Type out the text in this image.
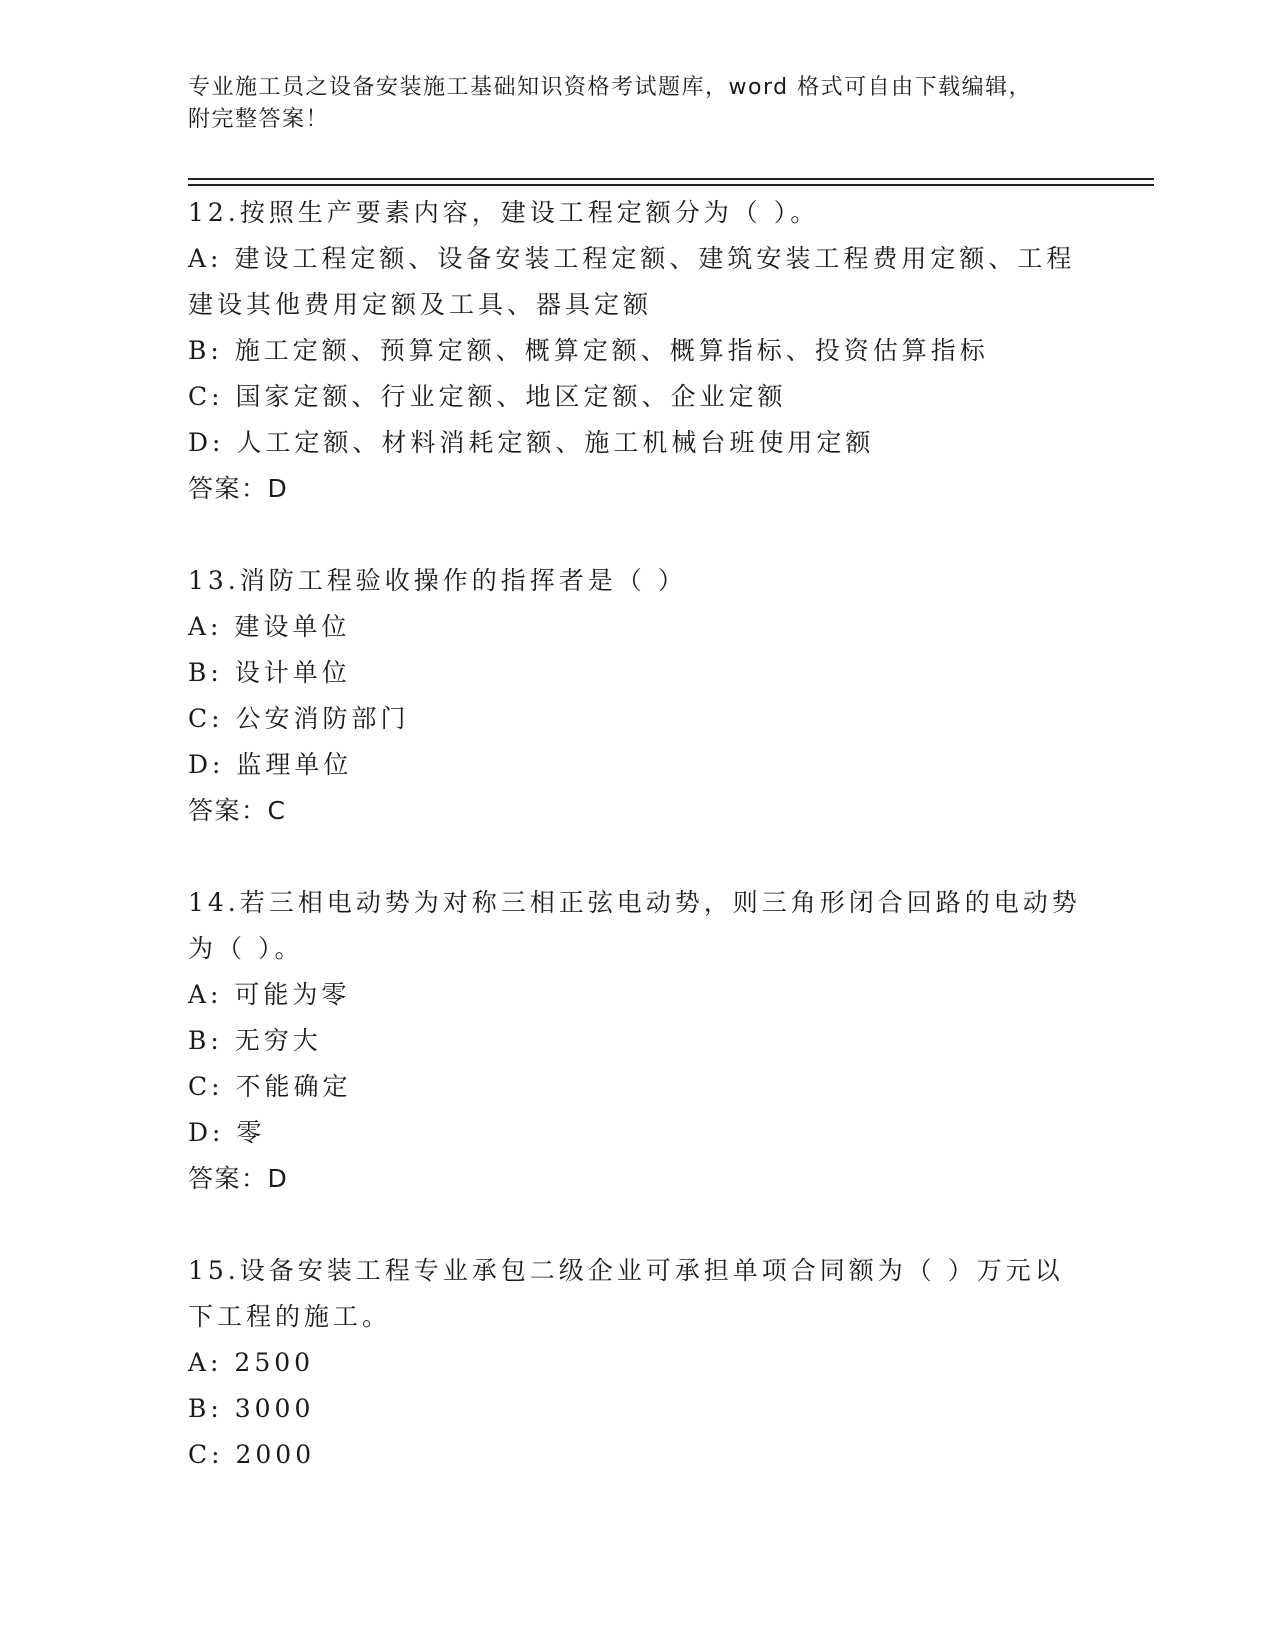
专业施工员之设备安装施工基础知识资格考试题库，word 格式可自由下载编辑，
附完整答案！
12.按照生产要素内容，建设工程定额分为（ ）。
A: 建设工程定额、设备安装工程定额、建筑安装工程费用定额、工程
建设其他费用定额及工具、器具定额
B: 施工定额、预算定额、概算定额、概算指标、投资估算指标
C: 国家定额、行业定额、地区定额、企业定额
D: 人工定额、材料消耗定额、施工机械台班使用定额
答案：D
13.消防工程验收操作的指挥者是（ ）
A: 建设单位
B: 设计单位
C: 公安消防部门
D: 监理单位
答案：C
14.若三相电动势为对称三相正弦电动势，则三角形闭合回路的电动势
为（ ）。
A: 可能为零
B: 无穷大
C: 不能确定
D: 零
答案：D
15.设备安装工程专业承包二级企业可承担单项合同额为（ ）万元以
下工程的施工。
A: 2500
B: 3000
C: 2000
